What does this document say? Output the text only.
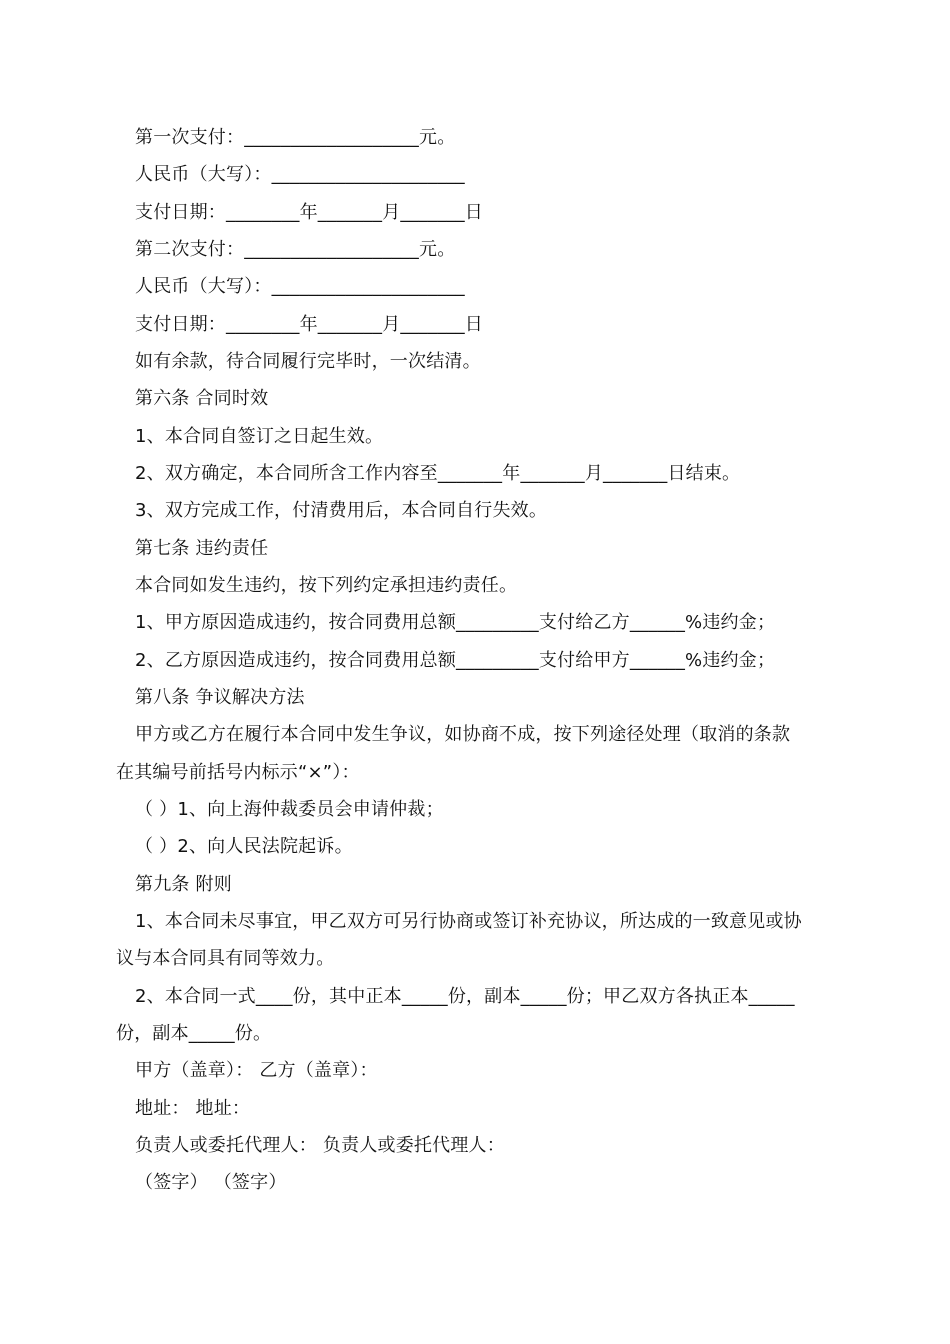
第一次支付：___________________元。
人民币（大写）：_____________________
支付日期：________年_______月_______日
第二次支付：___________________元。
人民币（大写）：_____________________
支付日期：________年_______月_______日
如有余款，待合同履行完毕时，一次结清。
第六条 合同时效
1、本合同自签订之日起生效。
2、双方确定，本合同所含工作内容至_______年_______月_______日结束。
3、双方完成工作，付清费用后，本合同自行失效。
第七条 违约责任
本合同如发生违约，按下列约定承担违约责任。
1、甲方原因造成违约，按合同费用总额_________支付给乙方______%违约金；
2、乙方原因造成违约，按合同费用总额_________支付给甲方______%违约金；
第八条 争议解决方法
甲方或乙方在履行本合同中发生争议，如协商不成，按下列途径处理（取消的条款
在其编号前括号内标示“×”）：
（ ）1、向上海仲裁委员会申请仲裁；
（ ）2、向人民法院起诉。
第九条 附则
1、本合同未尽事宜，甲乙双方可另行协商或签订补充协议，所达成的一致意见或协
议与本合同具有同等效力。
2、本合同一式____份，其中正本_____份，副本_____份；甲乙双方各执正本_____
份，副本_____份。
甲方（盖章）： 乙方（盖章）：
地址： 地址：
负责人或委托代理人： 负责人或委托代理人：
（签字） （签字）
